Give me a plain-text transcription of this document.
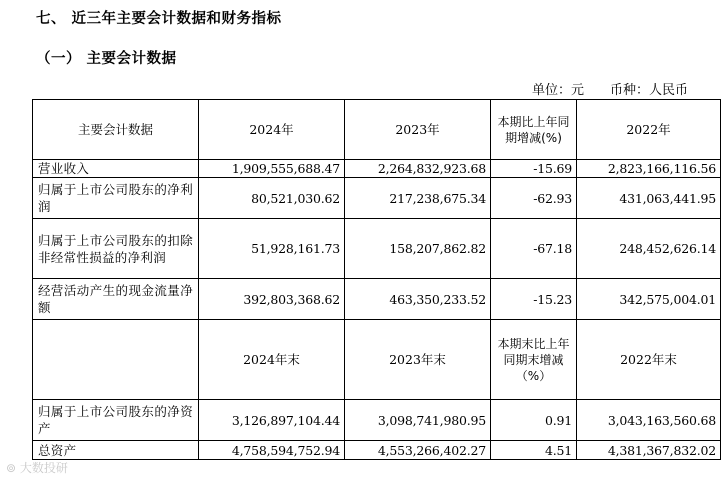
七、 近三年主要会计数据和财务指标
（一） 主要会计数据
单位：元 币种：人民币
主要会计数据	2024年	2023年	本期比上年同期增减(%)	2022年
营业收入	1,909,555,688.47	2,264,832,923.68	-15.69	2,823,166,116.56
归属于上市公司股东的净利润	80,521,030.62	217,238,675.34	-62.93	431,063,441.95
归属于上市公司股东的扣除非经常性损益的净利润	51,928,161.73	158,207,862.82	-67.18	248,452,626.14
经营活动产生的现金流量净额	392,803,368.62	463,350,233.52	-15.23	342,575,004.01
	2024年末	2023年末	本期末比上年同期末增减（%）	2022年末
归属于上市公司股东的净资产	3,126,897,104.44	3,098,741,980.95	0.91	3,043,163,560.68
总资产	4,758,594,752.94	4,553,266,402.27	4.51	4,381,367,832.02
⊚ 大数投研
